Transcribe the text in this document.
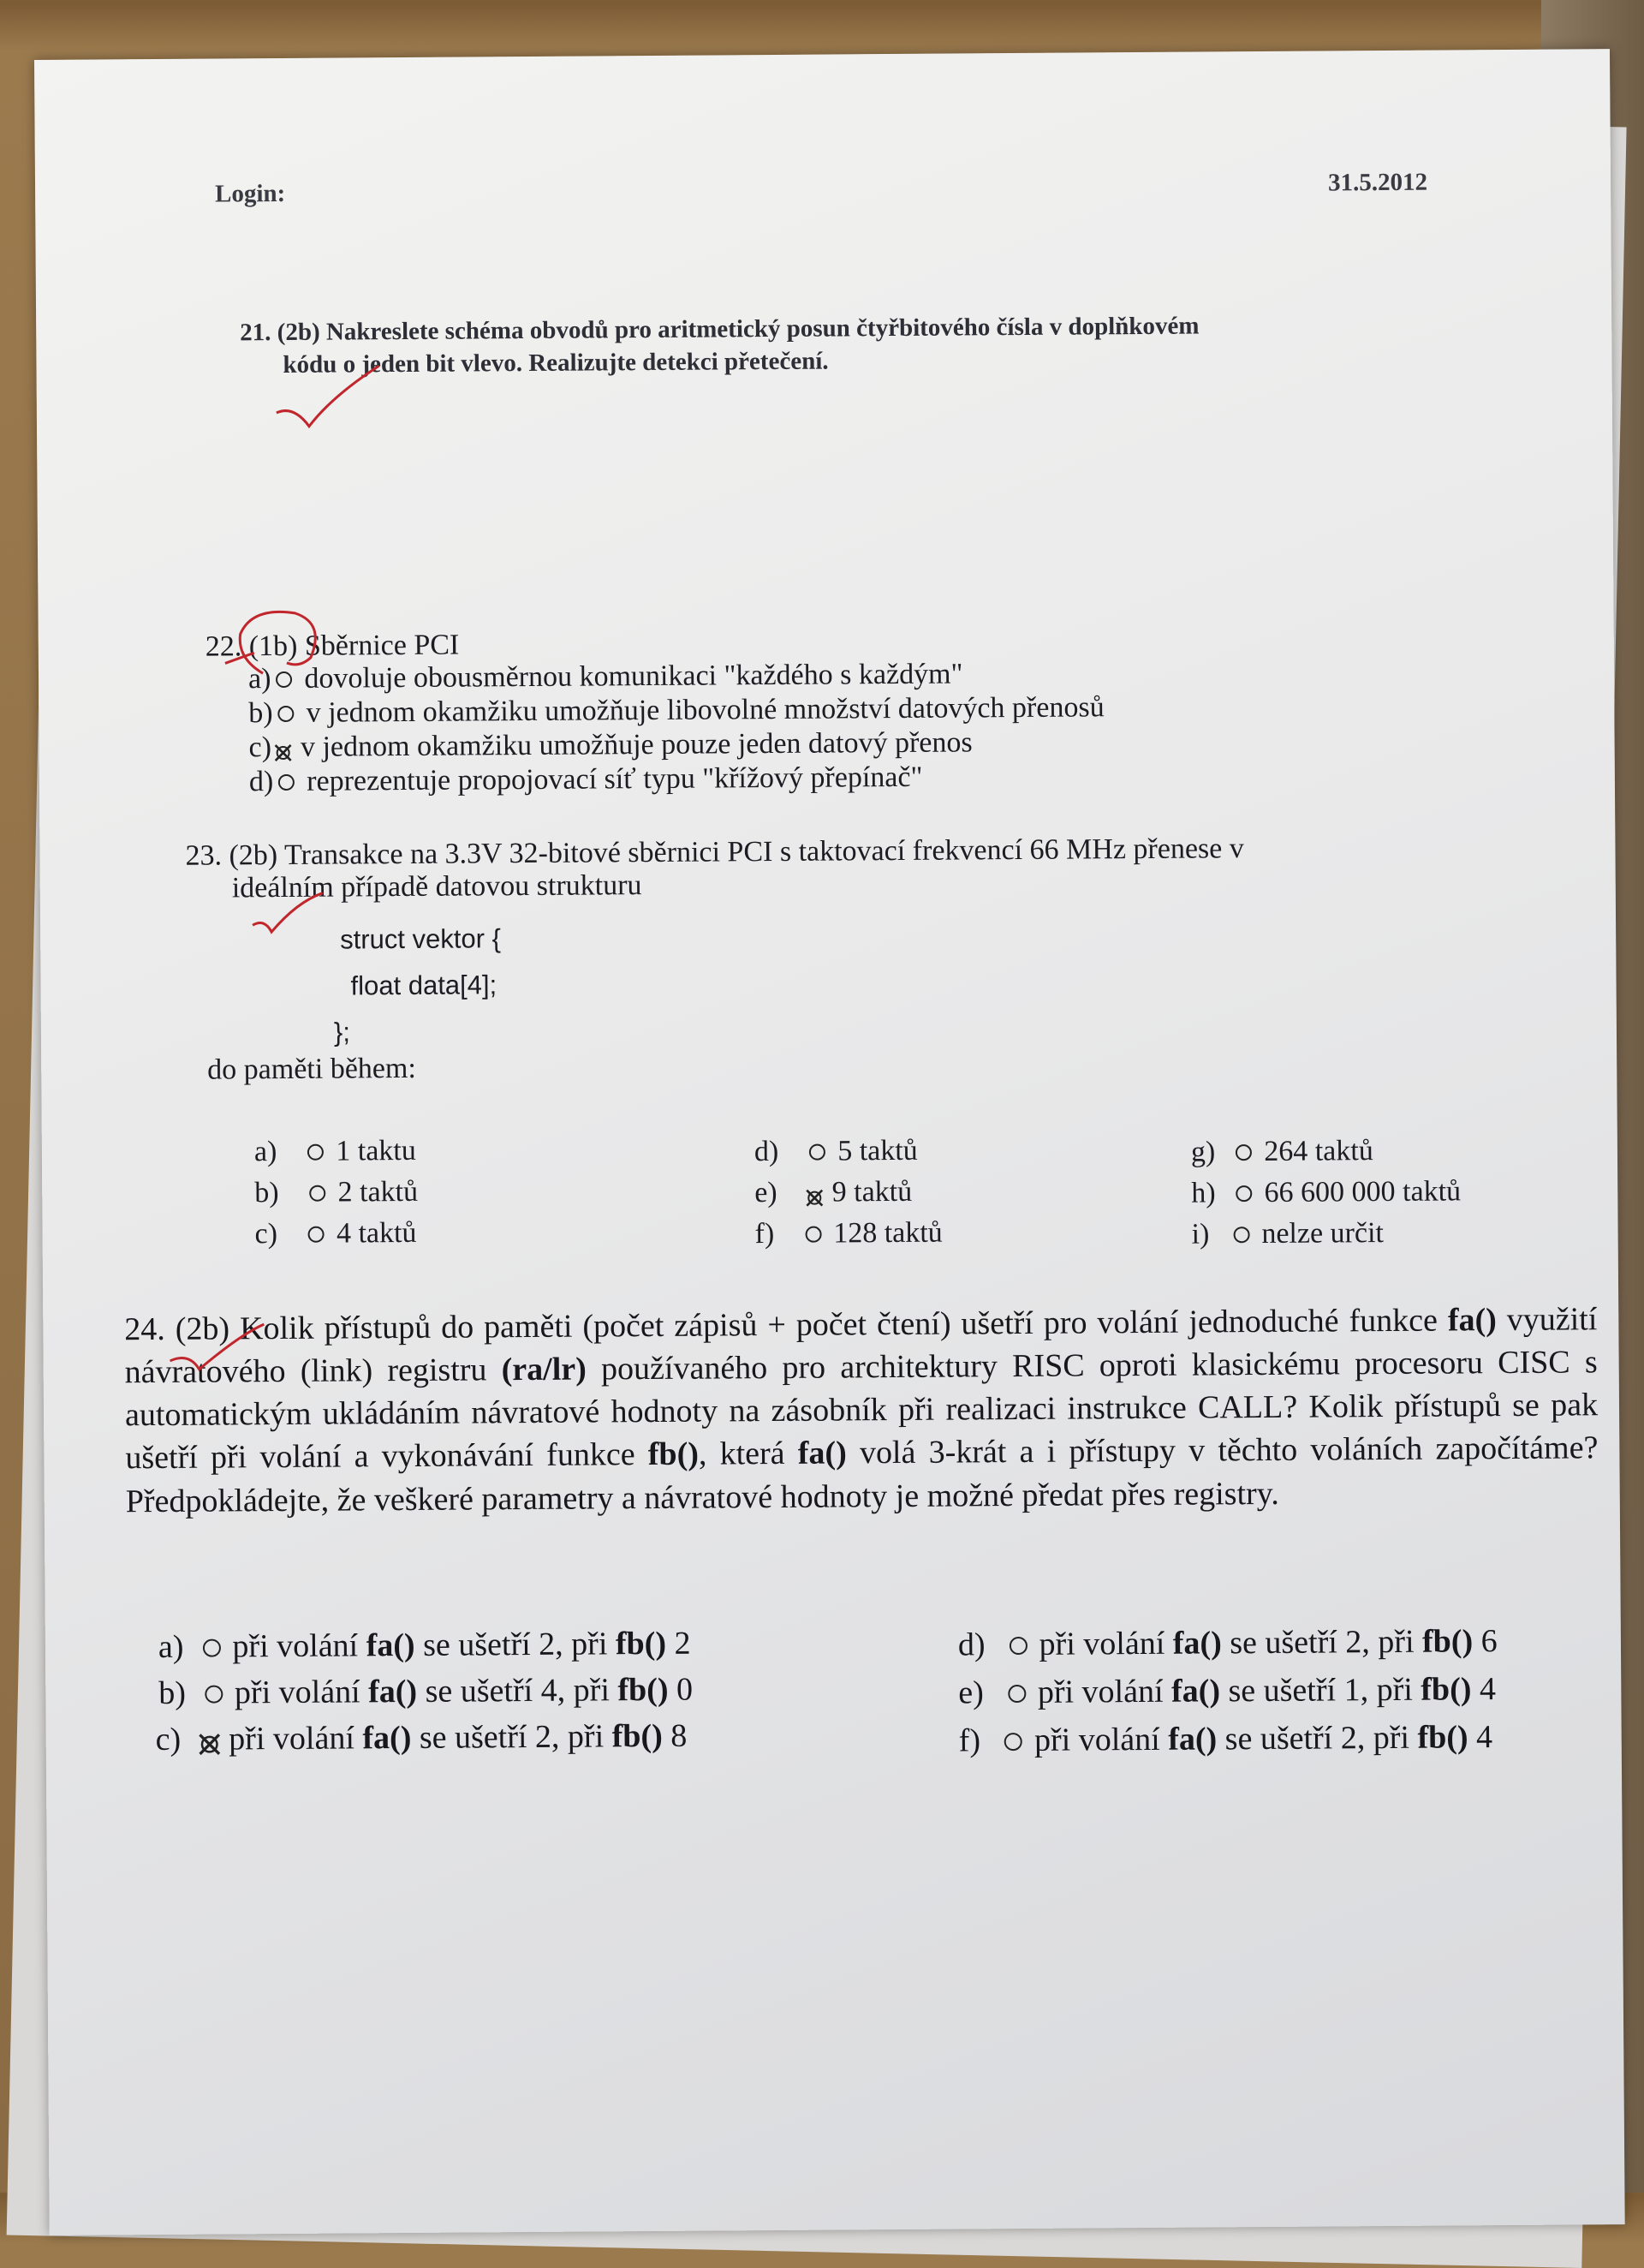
Login:	31.5.2012
21. (2b) Nakreslete schéma obvodů pro aritmetický posun čtyřbitového čísla v doplňkovém
kódu o jeden bit vlevo. Realizujte detekci přetečení.
22. (1b) Sběrnice PCI
a) dovoluje obousměrnou komunikaci "každého s každým"
b) v jednom okamžiku umožňuje libovolné množství datových přenosů
c) v jednom okamžiku umožňuje pouze jeden datový přenos
d) reprezentuje propojovací síť typu "křížový přepínač"
23. (2b) Transakce na 3.3V 32-bitové sběrnici PCI s taktovací frekvencí 66 MHz přenese v
ideálním případě datovou strukturu
struct vektor {
float data[4];
};
do paměti během:
a) 1 taktu
b) 2 taktů
c) 4 taktů
d) 5 taktů
e) 9 taktů
f) 128 taktů
g) 264 taktů
h) 66 600 000 taktů
i) nelze určit
24. (2b) Kolik přístupů do paměti (počet zápisů + počet čtení) ušetří pro volání jednoduché funkce fa() využití návratového (link) registru (ra/lr) používaného pro architektury RISC oproti klasickému procesoru CISC s automatickým ukládáním návratové hodnoty na zásobník při realizaci instrukce CALL? Kolik přístupů se pak ušetří při volání a vykonávání funkce fb(), která fa() volá 3-krát a i přístupy v těchto voláních započítáme? Předpokládejte, že veškeré parametry a návratové hodnoty je možné předat přes registry.
a) při volání fa() se ušetří 2, při fb() 2
b) při volání fa() se ušetří 4, při fb() 0
c) při volání fa() se ušetří 2, při fb() 8
d) při volání fa() se ušetří 2, při fb() 6
e) při volání fa() se ušetří 1, při fb() 4
f) při volání fa() se ušetří 2, při fb() 4
